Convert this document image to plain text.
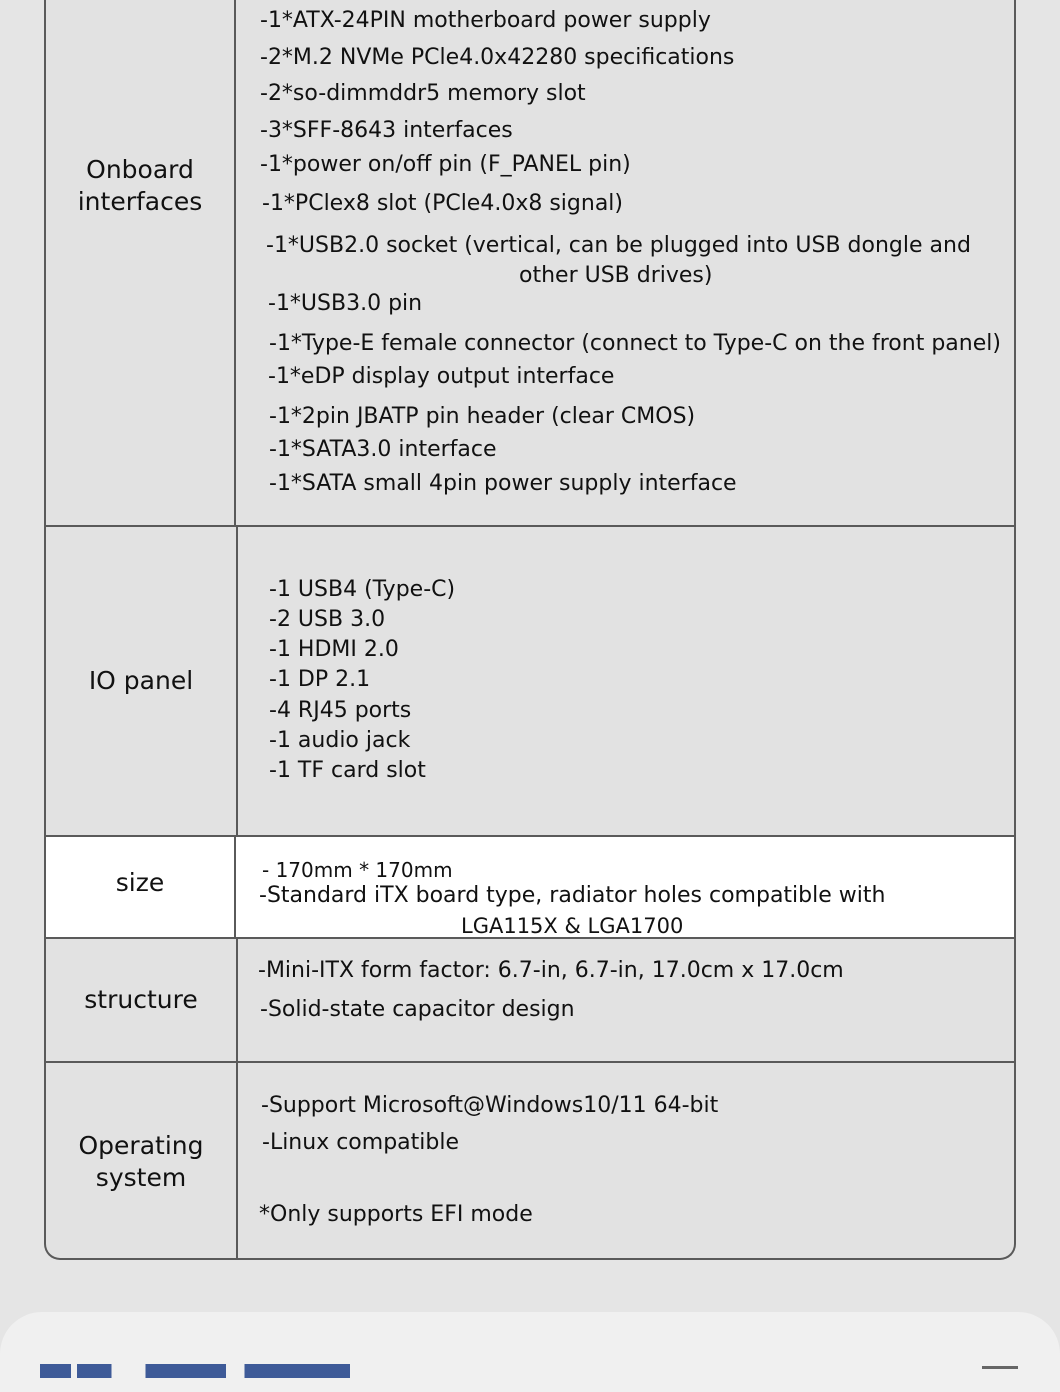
Onboard
interfaces
-1*ATX-24PIN motherboard power supply
-2*M.2 NVMe PCle4.0x42280 specifications
-2*so-dimmddr5 memory slot
-3*SFF-8643 interfaces
-1*power on/off pin (F_PANEL pin)
-1*PClex8 slot (PCle4.0x8 signal)
-1*USB2.0 socket (vertical, can be plugged into USB dongle and
other USB drives)
-1*USB3.0 pin
-1*Type-E female connector (connect to Type-C on the front panel)
-1*eDP display output interface
-1*2pin JBATP pin header (clear CMOS)
-1*SATA3.0 interface
-1*SATA small 4pin power supply interface
IO panel
-1 USB4 (Type-C)
-2 USB 3.0
-1 HDMI 2.0
-1 DP 2.1
-4 RJ45 ports
-1 audio jack
-1 TF card slot
size	- 170mm * 170mm
-Standard iTX board type, radiator holes compatible with
LGA115X & LGA1700
structure
-Mini-ITX form factor: 6.7-in, 6.7-in, 17.0cm x 17.0cm
-Solid-state capacitor design
Operating
system
-Support Microsoft@Windows10/11 64-bit
-Linux compatible
*Only supports EFI mode
